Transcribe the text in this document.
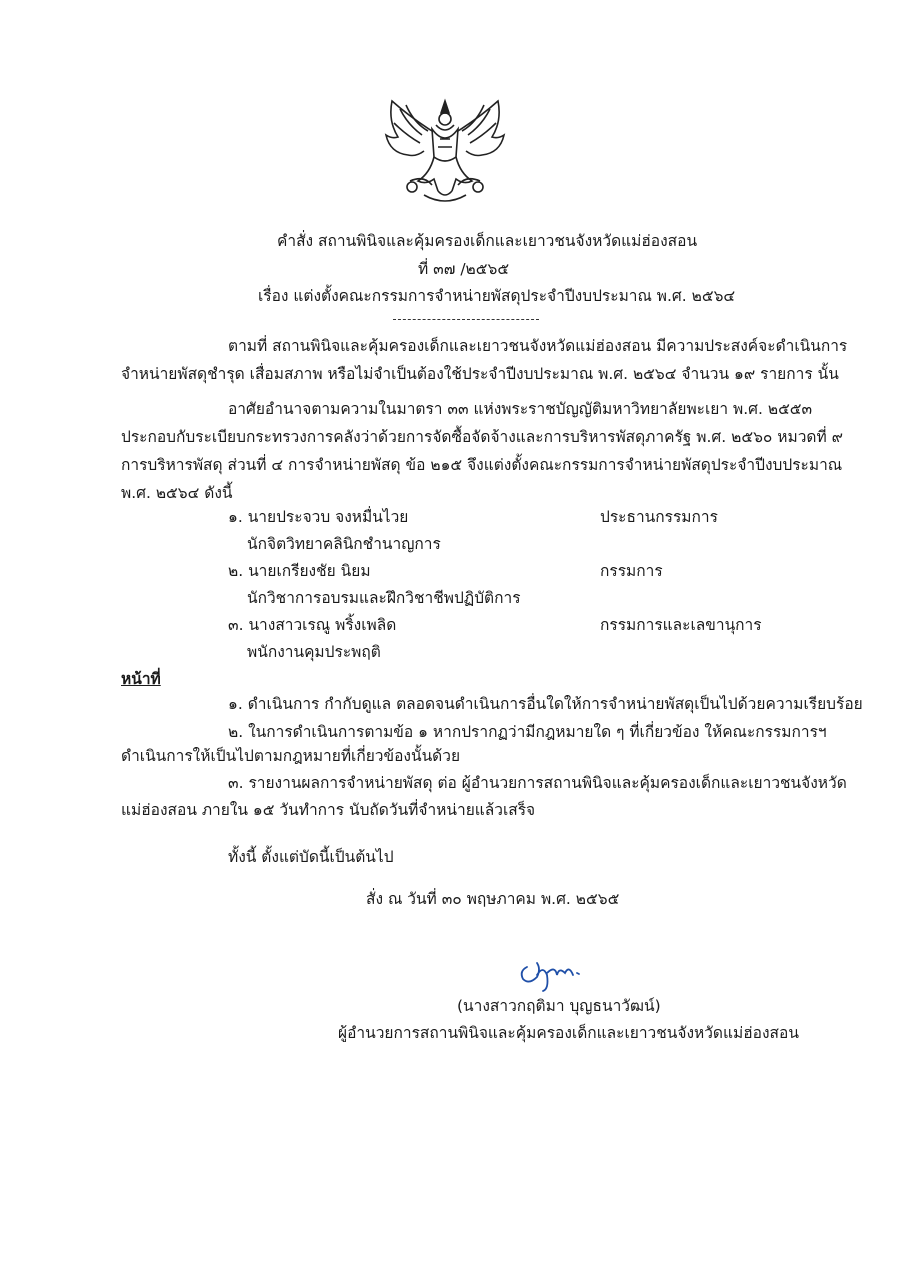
คำสั่ง สถานพินิจและคุ้มครองเด็กและเยาวชนจังหวัดแม่ฮ่องสอน
ที่ ๓๗ /๒๕๖๕
เรื่อง แต่งตั้งคณะกรรมการจำหน่ายพัสดุประจำปีงบประมาณ พ.ศ. ๒๕๖๔
ตามที่ สถานพินิจและคุ้มครองเด็กและเยาวชนจังหวัดแม่ฮ่องสอน มีความประสงค์จะดำเนินการ
จำหน่ายพัสดุชำรุด เสื่อมสภาพ หรือไม่จำเป็นต้องใช้ประจำปีงบประมาณ พ.ศ. ๒๕๖๔ จำนวน ๑๙ รายการ นั้น
อาศัยอำนาจตามความในมาตรา ๓๓ แห่งพระราชบัญญัติมหาวิทยาลัยพะเยา พ.ศ. ๒๕๕๓
ประกอบกับระเบียบกระทรวงการคลังว่าด้วยการจัดซื้อจัดจ้างและการบริหารพัสดุภาครัฐ พ.ศ. ๒๕๖๐ หมวดที่ ๙
การบริหารพัสดุ ส่วนที่ ๔ การจำหน่ายพัสดุ ข้อ ๒๑๕ จึงแต่งตั้งคณะกรรมการจำหน่ายพัสดุประจำปีงบประมาณ
พ.ศ. ๒๕๖๔ ดังนี้
๑. นายประจวบ จงหมื่นไวย	ประธานกรรมการ
นักจิตวิทยาคลินิกชำนาญการ
๒. นายเกรียงชัย นิยม	กรรมการ
นักวิชาการอบรมและฝึกวิชาชีพปฏิบัติการ
๓. นางสาวเรณู พริ้งเพลิด	กรรมการและเลขานุการ
พนักงานคุมประพฤติ
หน้าที่
๑. ดำเนินการ กำกับดูแล ตลอดจนดำเนินการอื่นใดให้การจำหน่ายพัสดุเป็นไปด้วยความเรียบร้อย
๒. ในการดำเนินการตามข้อ ๑ หากปรากฏว่ามีกฎหมายใด ๆ ที่เกี่ยวข้อง ให้คณะกรรมการฯ
ดำเนินการให้เป็นไปตามกฎหมายที่เกี่ยวข้องนั้นด้วย
๓. รายงานผลการจำหน่ายพัสดุ ต่อ ผู้อำนวยการสถานพินิจและคุ้มครองเด็กและเยาวชนจังหวัด
แม่ฮ่องสอน ภายใน ๑๕ วันทำการ นับถัดวันที่จำหน่ายแล้วเสร็จ
ทั้งนี้ ตั้งแต่บัดนี้เป็นต้นไป
สั่ง ณ วันที่ ๓๐ พฤษภาคม พ.ศ. ๒๕๖๕
(นางสาวกฤติมา บุญธนาวัฒน์)
ผู้อำนวยการสถานพินิจและคุ้มครองเด็กและเยาวชนจังหวัดแม่ฮ่องสอน
